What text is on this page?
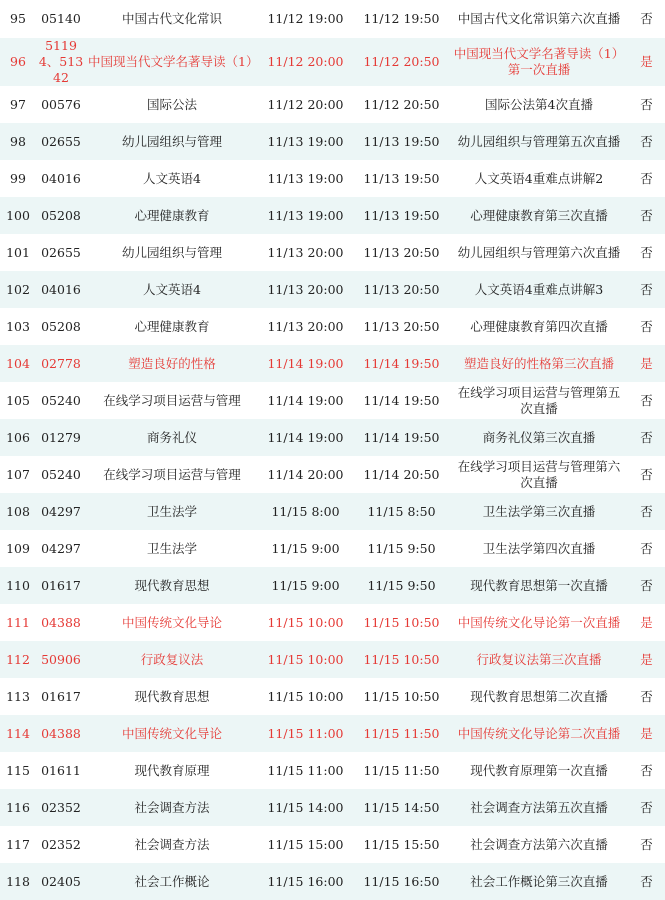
95	05140	中国古代文化常识	11/12 19:00	11/12 19:50	中国古代文化常识第六次直播	否
96	51194、51342	中国现当代文学名著导读（1）	11/12 20:00	11/12 20:50	中国现当代文学名著导读（1）第一次直播	是
97	00576	国际公法	11/12 20:00	11/12 20:50	国际公法第4次直播	否
98	02655	幼儿园组织与管理	11/13 19:00	11/13 19:50	幼儿园组织与管理第五次直播	否
99	04016	人文英语4	11/13 19:00	11/13 19:50	人文英语4重难点讲解2	否
100	05208	心理健康教育	11/13 19:00	11/13 19:50	心理健康教育第三次直播	否
101	02655	幼儿园组织与管理	11/13 20:00	11/13 20:50	幼儿园组织与管理第六次直播	否
102	04016	人文英语4	11/13 20:00	11/13 20:50	人文英语4重难点讲解3	否
103	05208	心理健康教育	11/13 20:00	11/13 20:50	心理健康教育第四次直播	否
104	02778	塑造良好的性格	11/14 19:00	11/14 19:50	塑造良好的性格第三次直播	是
105	05240	在线学习项目运营与管理	11/14 19:00	11/14 19:50	在线学习项目运营与管理第五次直播	否
106	01279	商务礼仪	11/14 19:00	11/14 19:50	商务礼仪第三次直播	否
107	05240	在线学习项目运营与管理	11/14 20:00	11/14 20:50	在线学习项目运营与管理第六次直播	否
108	04297	卫生法学	11/15 8:00	11/15 8:50	卫生法学第三次直播	否
109	04297	卫生法学	11/15 9:00	11/15 9:50	卫生法学第四次直播	否
110	01617	现代教育思想	11/15 9:00	11/15 9:50	现代教育思想第一次直播	否
111	04388	中国传统文化导论	11/15 10:00	11/15 10:50	中国传统文化导论第一次直播	是
112	50906	行政复议法	11/15 10:00	11/15 10:50	行政复议法第三次直播	是
113	01617	现代教育思想	11/15 10:00	11/15 10:50	现代教育思想第二次直播	否
114	04388	中国传统文化导论	11/15 11:00	11/15 11:50	中国传统文化导论第二次直播	是
115	01611	现代教育原理	11/15 11:00	11/15 11:50	现代教育原理第一次直播	否
116	02352	社会调查方法	11/15 14:00	11/15 14:50	社会调查方法第五次直播	否
117	02352	社会调查方法	11/15 15:00	11/15 15:50	社会调查方法第六次直播	否
118	02405	社会工作概论	11/15 16:00	11/15 16:50	社会工作概论第三次直播	否
